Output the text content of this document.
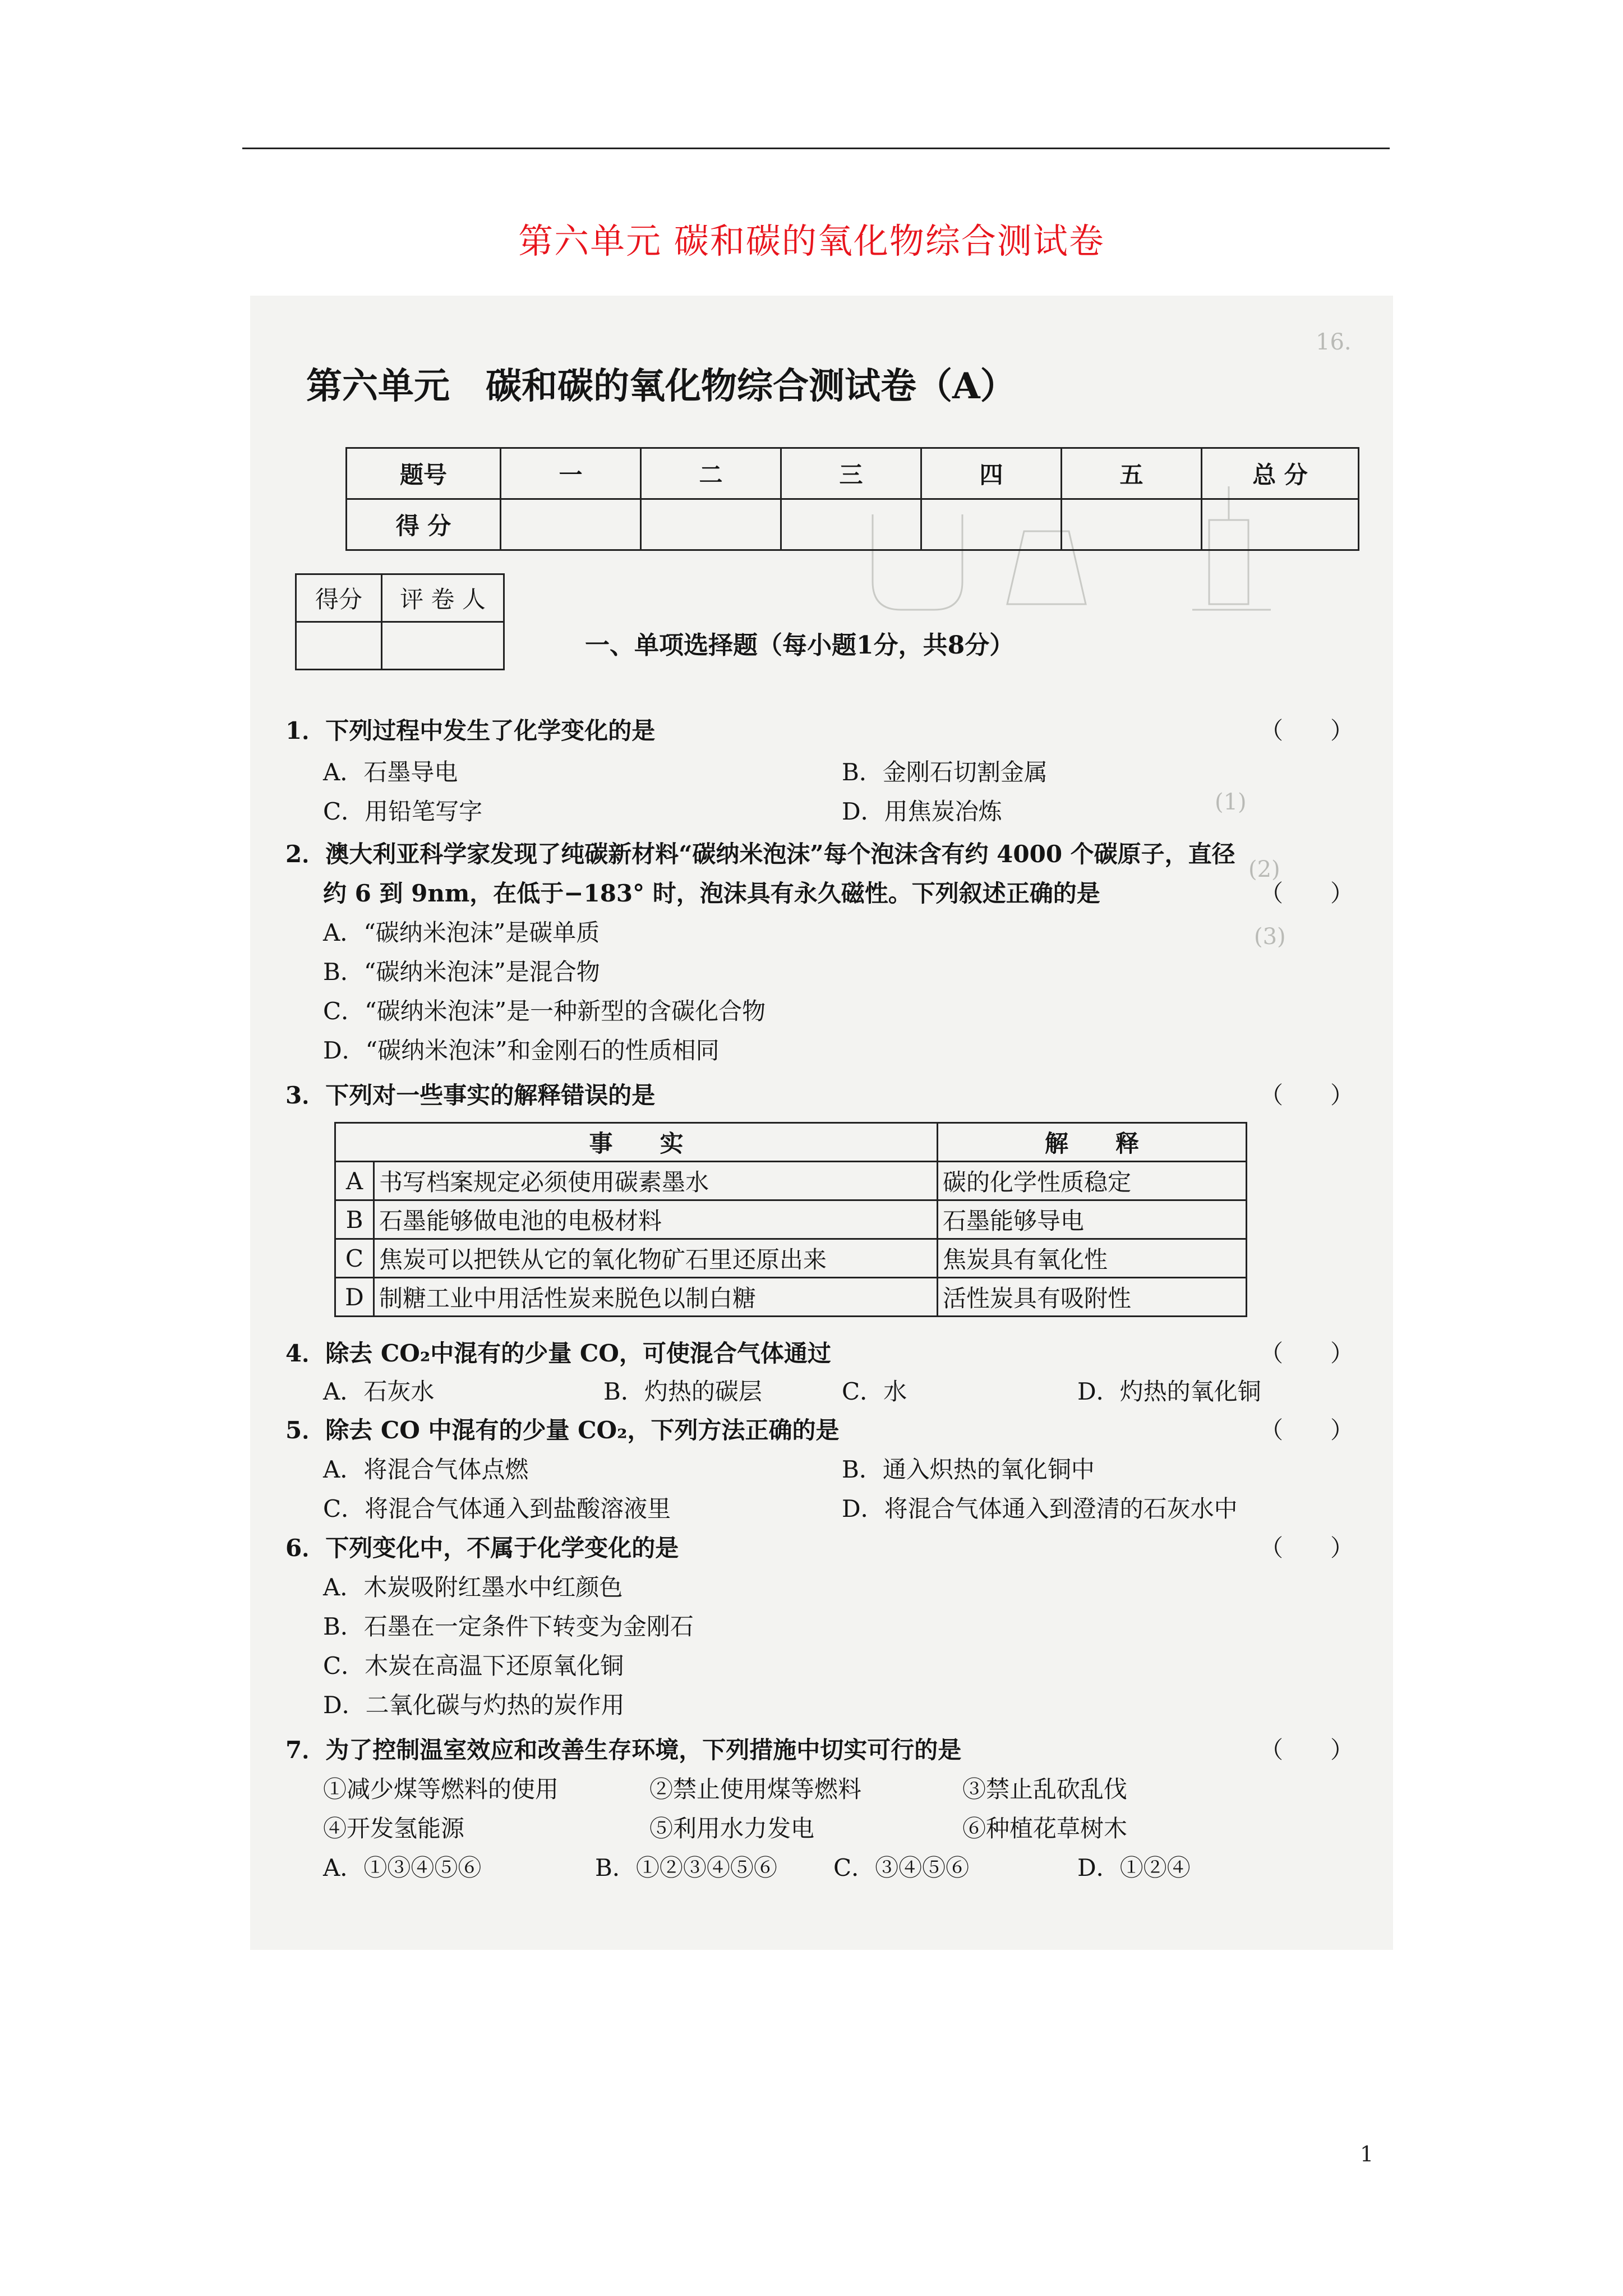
第六单元 碳和碳的氧化物综合测试卷
16.
(1)
(2)
(3)
第六单元　碳和碳的氧化物综合测试卷（A）
题号	一	二	三	四	五	总 分
得 分						
得分	评 卷 人

一、单项选择题（每小题1分，共8分）
1．下列过程中发生了化学变化的是	（　　）
A．石墨导电	B．金刚石切割金属
C．用铅笔写字	D．用焦炭冶炼
2．澳大利亚科学家发现了纯碳新材料“碳纳米泡沫”每个泡沫含有约 4000 个碳原子，直径
约 6 到 9nm，在低于−183° 时，泡沫具有永久磁性。下列叙述正确的是	（　　）
A．“碳纳米泡沫”是碳单质
B．“碳纳米泡沫”是混合物
C．“碳纳米泡沫”是一种新型的含碳化合物
D．“碳纳米泡沫”和金刚石的性质相同
3．下列对一些事实的解释错误的是	（　　）
事　　实		解　　释
A	书写档案规定必须使用碳素墨水	碳的化学性质稳定
B	石墨能够做电池的电极材料	石墨能够导电
C	焦炭可以把铁从它的氧化物矿石里还原出来	焦炭具有氧化性
D	制糖工业中用活性炭来脱色以制白糖	活性炭具有吸附性
4．除去 CO₂中混有的少量 CO，可使混合气体通过	（　　）
A．石灰水	B．灼热的碳层	C．水	D．灼热的氧化铜
5．除去 CO 中混有的少量 CO₂，下列方法正确的是	（　　）
A．将混合气体点燃	B．通入炽热的氧化铜中
C．将混合气体通入到盐酸溶液里	D．将混合气体通入到澄清的石灰水中
6．下列变化中，不属于化学变化的是	（　　）
A．木炭吸附红墨水中红颜色
B．石墨在一定条件下转变为金刚石
C．木炭在高温下还原氧化铜
D．二氧化碳与灼热的炭作用
7．为了控制温室效应和改善生存环境，下列措施中切实可行的是	（　　）
①减少煤等燃料的使用	②禁止使用煤等燃料	③禁止乱砍乱伐
④开发氢能源	⑤利用水力发电	⑥种植花草树木
A．①③④⑤⑥	B．①②③④⑤⑥ C．③④⑤⑥	D．①②④
1
